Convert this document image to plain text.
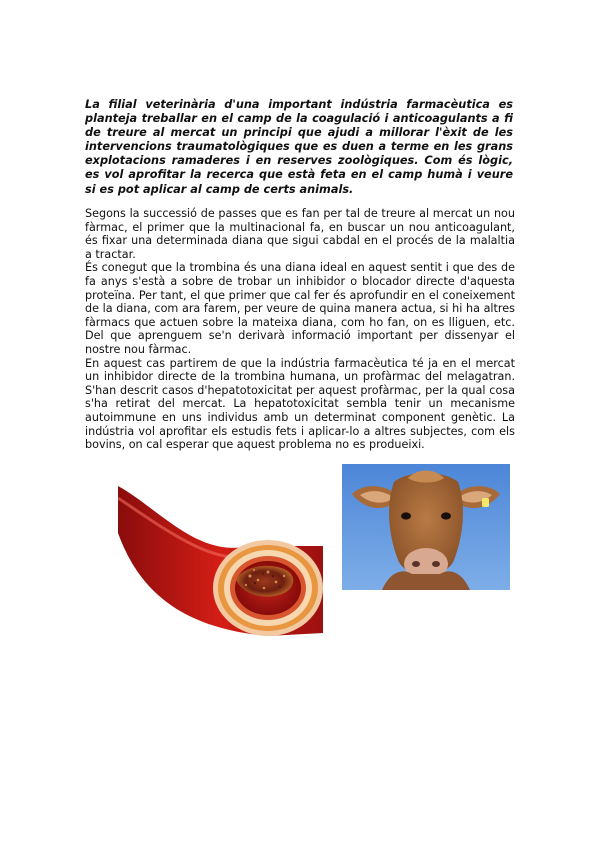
La filial veterinària d'una important indústria farmacèutica es planteja treballar en el camp de la coagulació i anticoagulants a fi de treure al mercat un principi que ajudi a millorar l'èxit de les intervencions traumatològiques que es duen a terme en les grans explotacions ramaderes i en reserves zoològiques. Com és lògic, es vol aprofitar la recerca que està feta en el camp humà i veure si es pot aplicar al camp de certs animals.

Segons la successió de passes que es fan per tal de treure al mercat un nou fàrmac, el primer que la multinacional fa, en buscar un nou anticoagulant, és fixar una determinada diana que sigui cabdal en el procés de la malaltia a tractar.

És conegut que la trombina és una diana ideal en aquest sentit i que des de fa anys s'està a sobre de trobar un inhibidor o blocador directe d'aquesta proteïna. Per tant, el que primer que cal fer és aprofundir en el coneixement de la diana, com ara farem, per veure de quina manera actua, si hi ha altres fàrmacs que actuen sobre la mateixa diana, com ho fan, on es lliguen, etc. Del que aprenguem se'n derivarà informació important per dissenyar el nostre nou fàrmac.

En aquest cas partirem de que la indústria farmacèutica té ja en el mercat un inhibidor directe de la trombina humana, un profàrmac del melagatran. S'han descrit casos d'hepatotoxicitat per aquest profàrmac, per la qual cosa s'ha retirat del mercat. La hepatotoxicitat sembla tenir un mecanisme autoimmune en uns individus amb un determinat component genètic. La indústria vol aprofitar els estudis fets i aplicar-lo a altres subjectes, com els bovins, on cal esperar que aquest problema no es produeixi.
